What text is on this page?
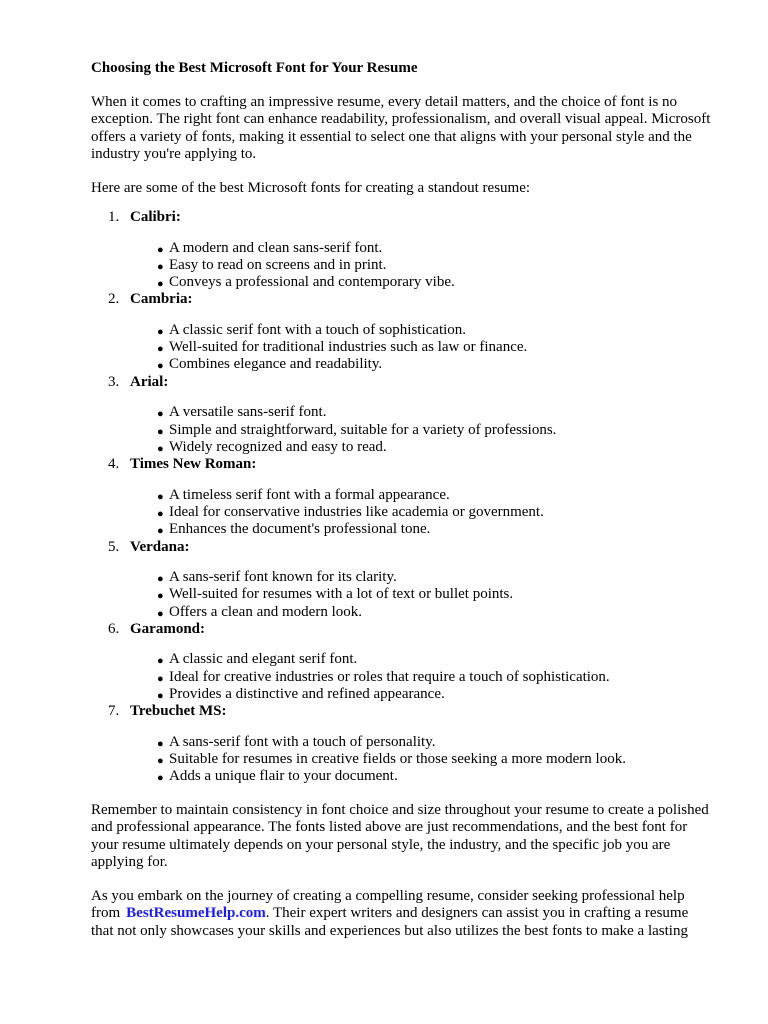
Choosing the Best Microsoft Font for Your Resume
When it comes to crafting an impressive resume, every detail matters, and the choice of font is no exception. The right font can enhance readability, professionalism, and overall visual appeal. Microsoft offers a variety of fonts, making it essential to select one that aligns with your personal style and the industry you're applying to.
Here are some of the best Microsoft fonts for creating a standout resume:
1. Calibri:
● A modern and clean sans-serif font.
● Easy to read on screens and in print.
● Conveys a professional and contemporary vibe.
2. Cambria:
● A classic serif font with a touch of sophistication.
● Well-suited for traditional industries such as law or finance.
● Combines elegance and readability.
3. Arial:
● A versatile sans-serif font.
● Simple and straightforward, suitable for a variety of professions.
● Widely recognized and easy to read.
4. Times New Roman:
● A timeless serif font with a formal appearance.
● Ideal for conservative industries like academia or government.
● Enhances the document's professional tone.
5. Verdana:
● A sans-serif font known for its clarity.
● Well-suited for resumes with a lot of text or bullet points.
● Offers a clean and modern look.
6. Garamond:
● A classic and elegant serif font.
● Ideal for creative industries or roles that require a touch of sophistication.
● Provides a distinctive and refined appearance.
7. Trebuchet MS:
● A sans-serif font with a touch of personality.
● Suitable for resumes in creative fields or those seeking a more modern look.
● Adds a unique flair to your document.
Remember to maintain consistency in font choice and size throughout your resume to create a polished and professional appearance. The fonts listed above are just recommendations, and the best font for your resume ultimately depends on your personal style, the industry, and the specific job you are applying for.
As you embark on the journey of creating a compelling resume, consider seeking professional help from BestResumeHelp.com. Their expert writers and designers can assist you in crafting a resume that not only showcases your skills and experiences but also utilizes the best fonts to make a lasting
